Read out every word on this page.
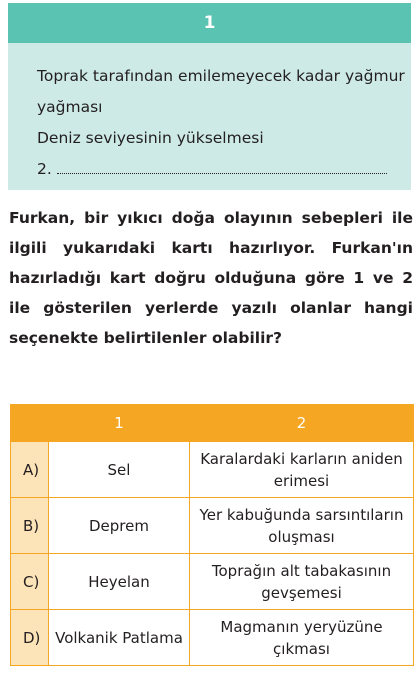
1
Toprak tarafından emilemeyecek kadar yağmur
yağması
Deniz seviyesinin yükselmesi
2.

Furkan, bir yıkıcı doğa olayının sebepleri ile ilgili yukarıdaki kartı hazırlıyor. Furkan'ın hazırladığı kart doğru olduğuna göre 1 ve 2 ile gösterilen yerlerde yazılı olanlar hangi seçenekte belirtilenler olabilir?

	1	2
A)	Sel	Karalardaki karların aniden erimesi
B)	Deprem	Yer kabuğunda sarsıntıların oluşması
C)	Heyelan	Toprağın alt tabakasının gevşemesi
D)	Volkanik Patlama	Magmanın yeryüzüne çıkması
